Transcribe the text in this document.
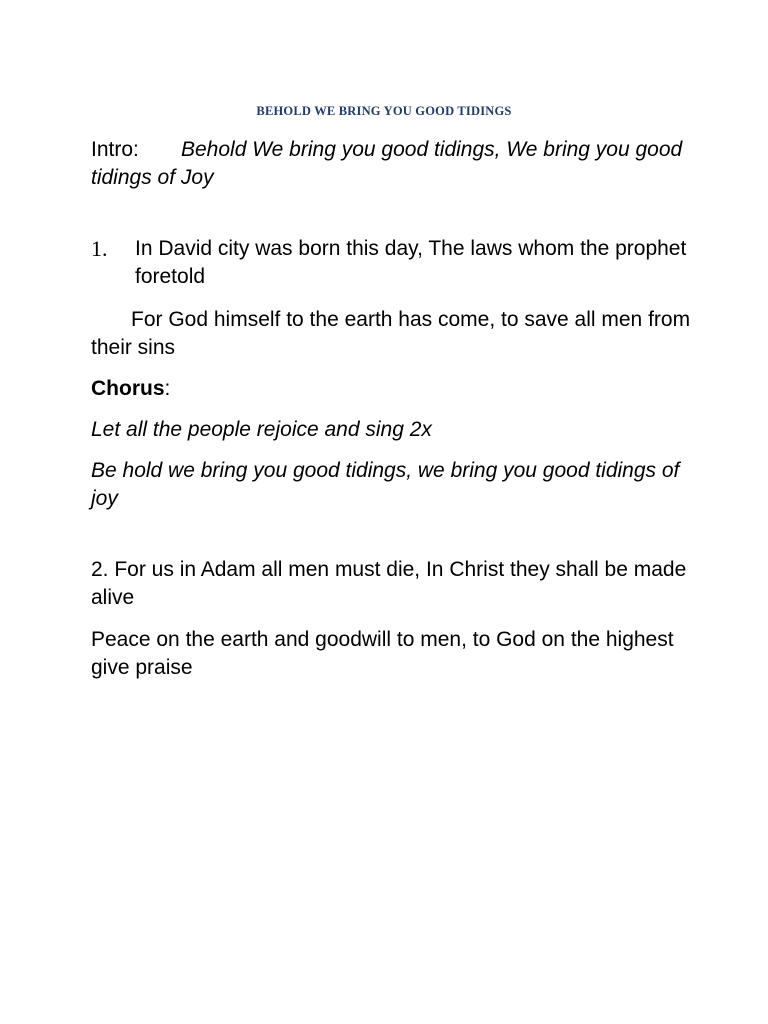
BEHOLD WE BRING YOU GOOD TIDINGS
Intro: Behold We bring you good tidings, We bring you good tidings of Joy
1. In David city was born this day, The laws whom the prophet foretold
For God himself to the earth has come, to save all men from their sins
Chorus:
Let all the people rejoice and sing 2x
Be hold we bring you good tidings, we bring you good tidings of joy
2. For us in Adam all men must die, In Christ they shall be made alive
Peace on the earth and goodwill to men, to God on the highest give praise
